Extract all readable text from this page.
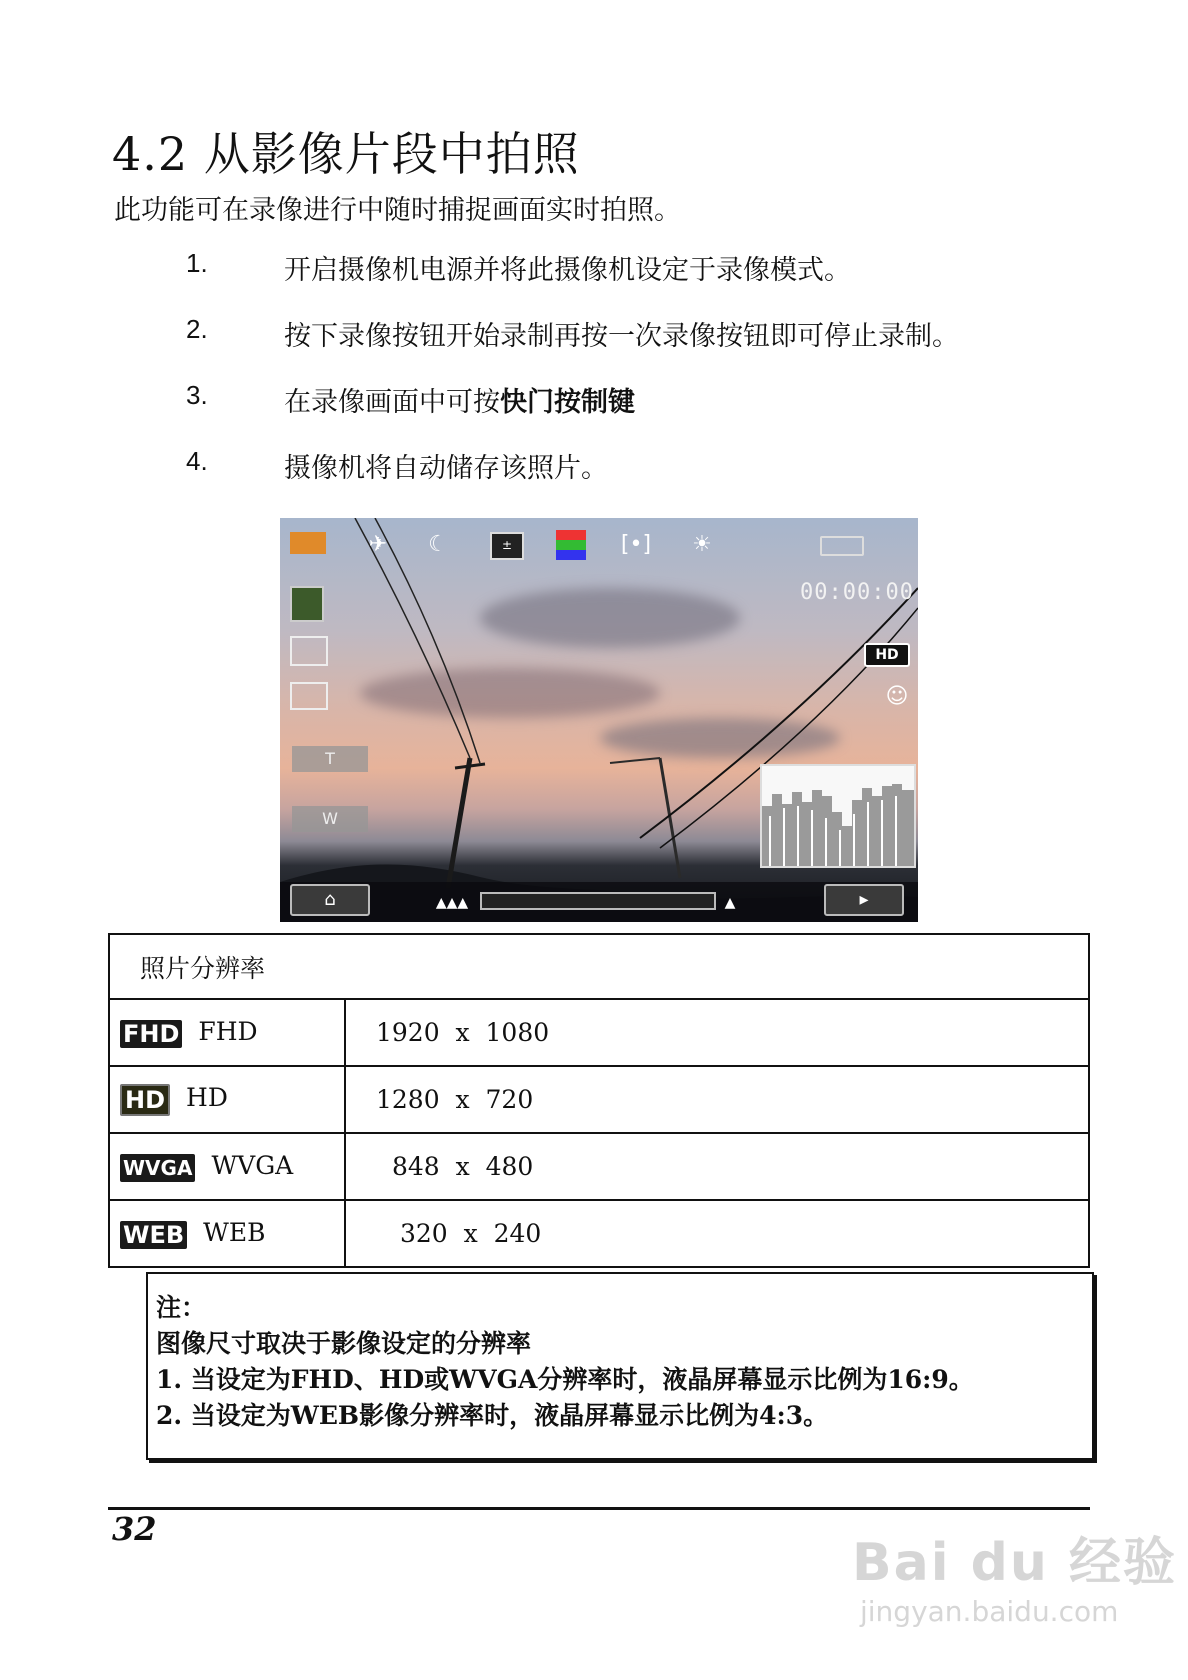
4.2 从影像片段中拍照
此功能可在录像进行中随时捕捉画面实时拍照。
1.	开启摄像机电源并将此摄像机设定于录像模式。
2.	按下录像按钮开始录制再按一次录像按钮即可停止录制。
3.	在录像画面中可按快门按制键
4.	摄像机将自动储存该照片。
✈	☾	±	[•]	☀
00:00:00
HD
☺
T
W
⌂	▲▲▲	▲	▸
照片分辨率	
FHD FHD	1920  x  1080
HD HD	1280  x  720
WVGA WVGA	848  x  480
WEB WEB	320  x  240
注：
图像尺寸取决于影像设定的分辨率
1. 当设定为FHD、HD或WVGA分辨率时，液晶屏幕显示比例为16:9。
2. 当设定为WEB影像分辨率时，液晶屏幕显示比例为4:3。
32
Bai du 经验
jingyan.baidu.com
